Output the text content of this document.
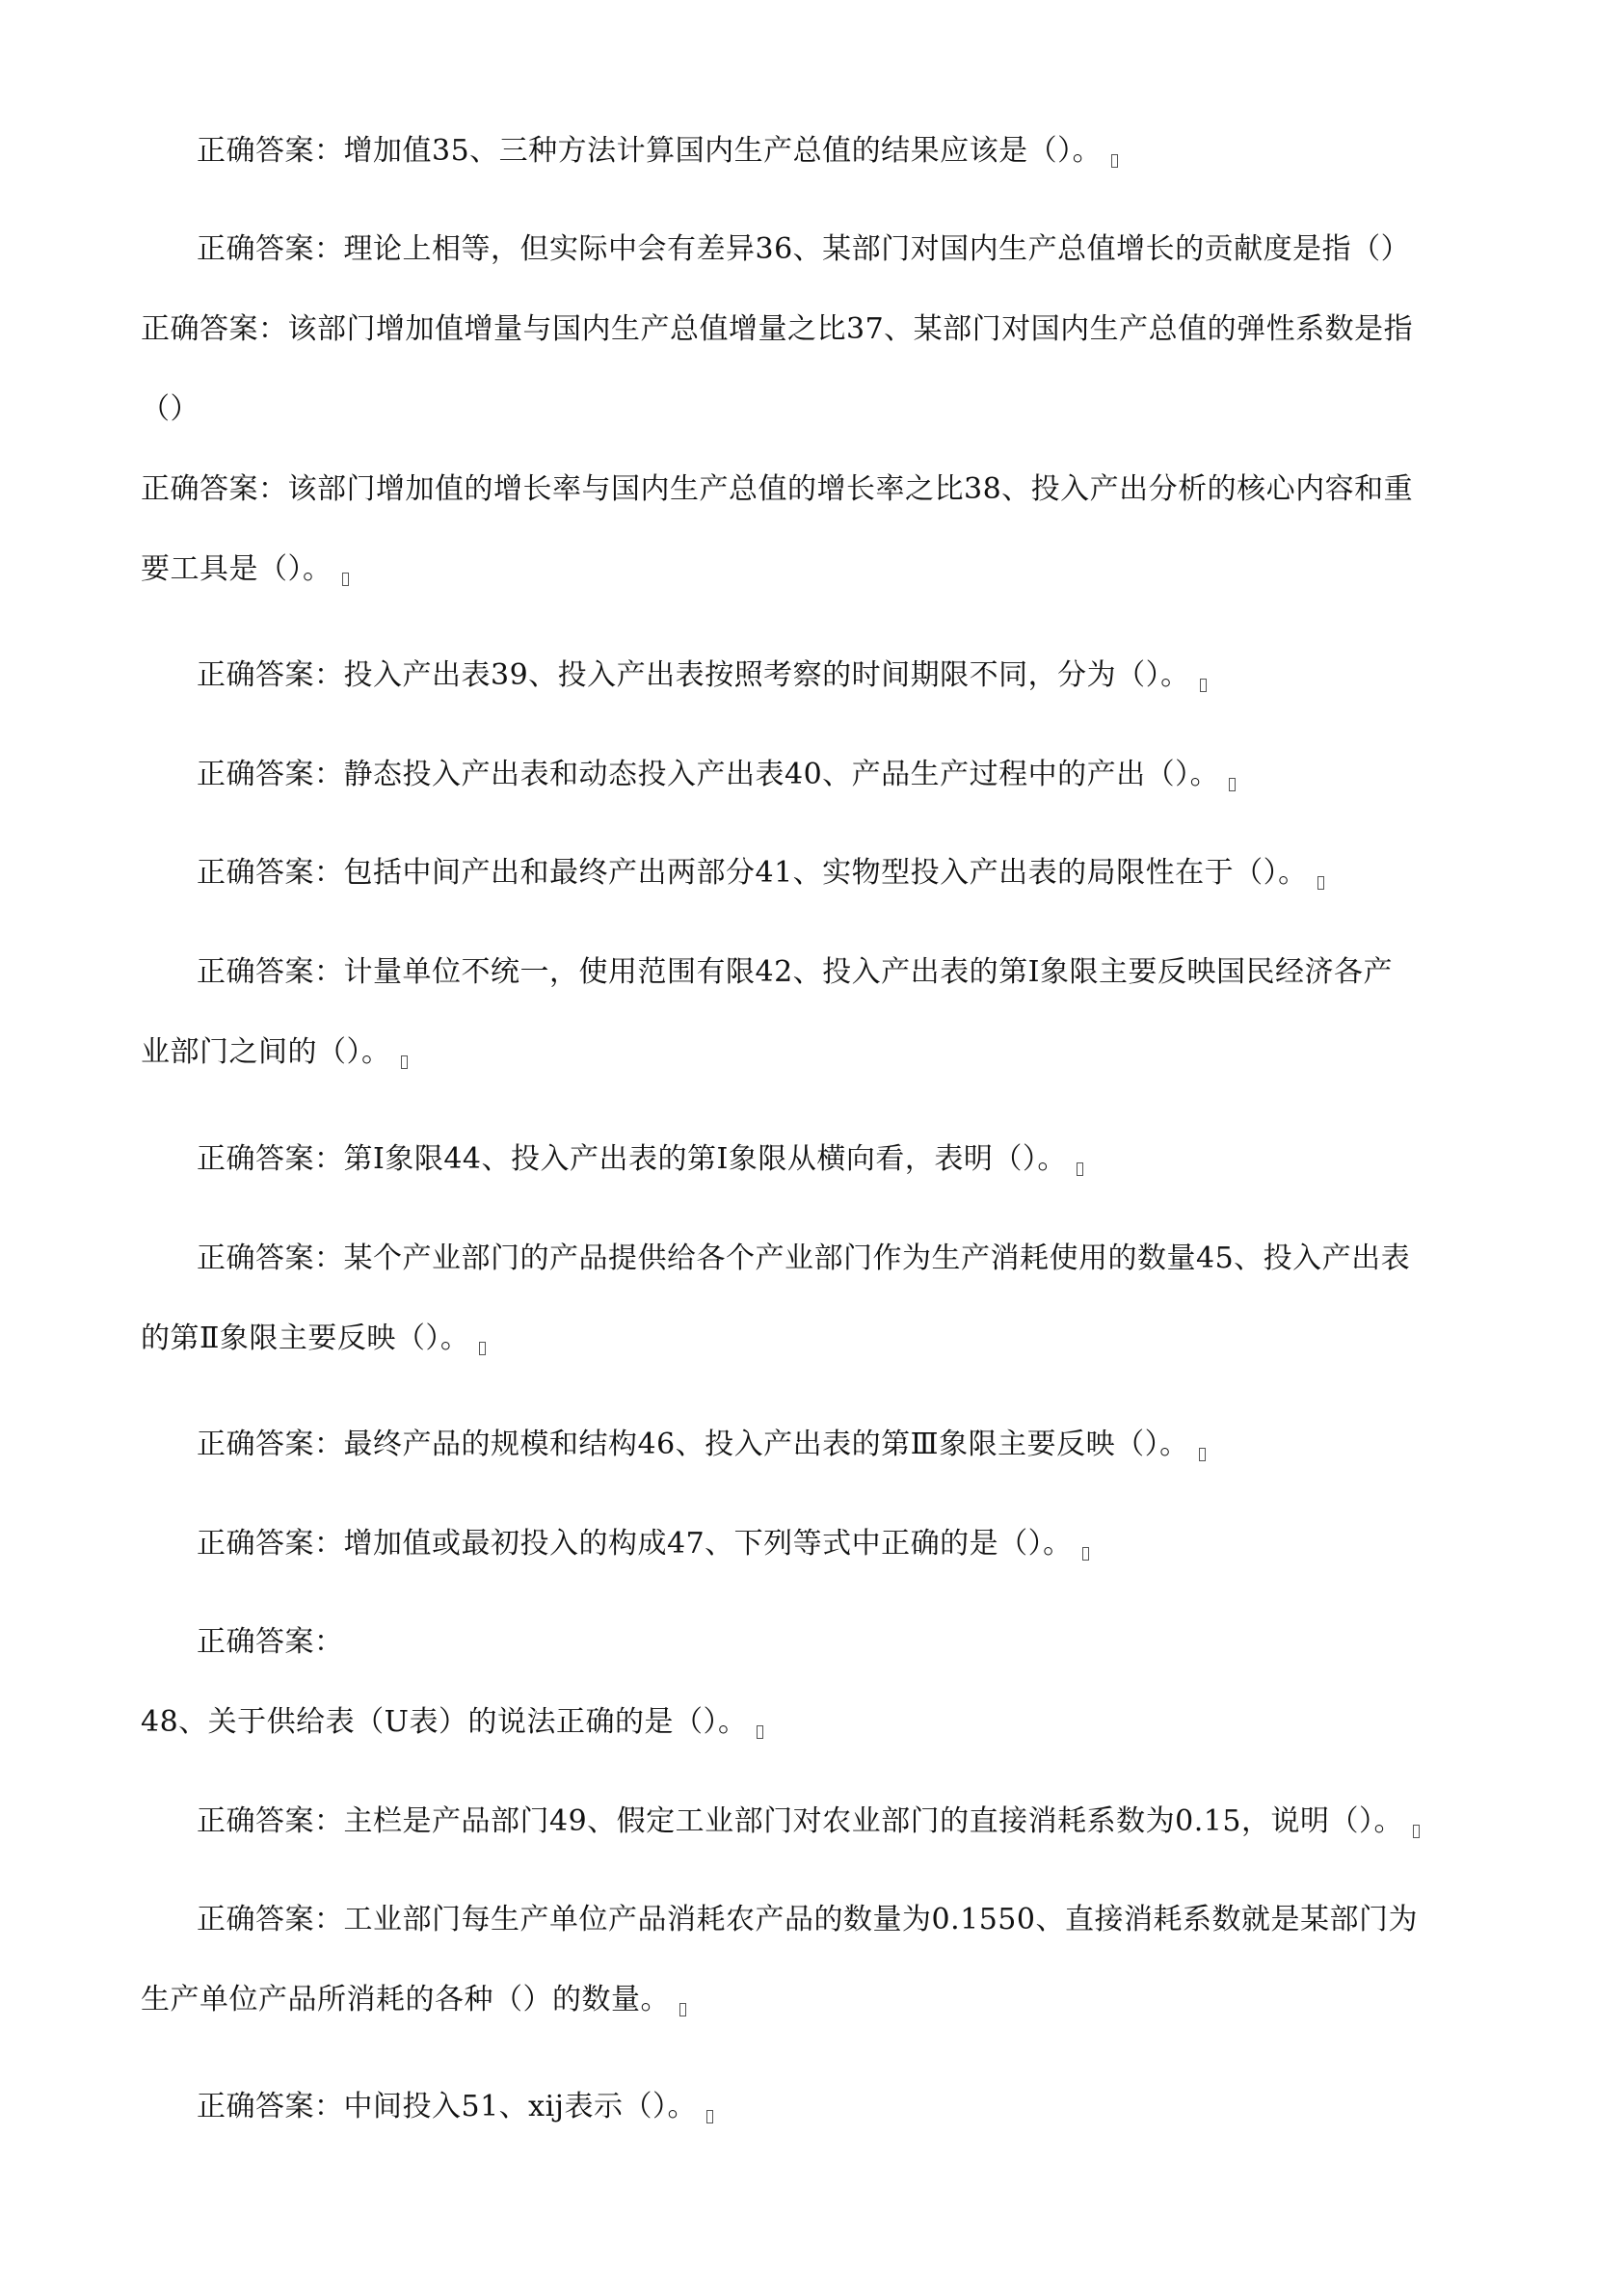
正确答案：增加值35、三种方法计算国内生产总值的结果应该是（）。
正确答案：理论上相等，但实际中会有差异36、某部门对国内生产总值增长的贡献度是指（）
正确答案：该部门增加值增量与国内生产总值增量之比37、某部门对国内生产总值的弹性系数是指
（）
正确答案：该部门增加值的增长率与国内生产总值的增长率之比38、投入产出分析的核心内容和重
要工具是（）。
正确答案：投入产出表39、投入产出表按照考察的时间期限不同，分为（）。
正确答案：静态投入产出表和动态投入产出表40、产品生产过程中的产出（）。
正确答案：包括中间产出和最终产出两部分41、实物型投入产出表的局限性在于（）。
正确答案：计量单位不统一，使用范围有限42、投入产出表的第Ⅰ象限主要反映国民经济各产
业部门之间的（）。
正确答案：第Ⅰ象限44、投入产出表的第Ⅰ象限从横向看，表明（）。
正确答案：某个产业部门的产品提供给各个产业部门作为生产消耗使用的数量45、投入产出表
的第Ⅱ象限主要反映（）。
正确答案：最终产品的规模和结构46、投入产出表的第Ⅲ象限主要反映（）。
正确答案：增加值或最初投入的构成47、下列等式中正确的是（）。
正确答案：
48、关于供给表（U表）的说法正确的是（）。
正确答案：主栏是产品部门49、假定工业部门对农业部门的直接消耗系数为0.15，说明（）。
正确答案：工业部门每生产单位产品消耗农产品的数量为0.1550、直接消耗系数就是某部门为
生产单位产品所消耗的各种（）的数量。
正确答案：中间投入51、xij表示（）。
